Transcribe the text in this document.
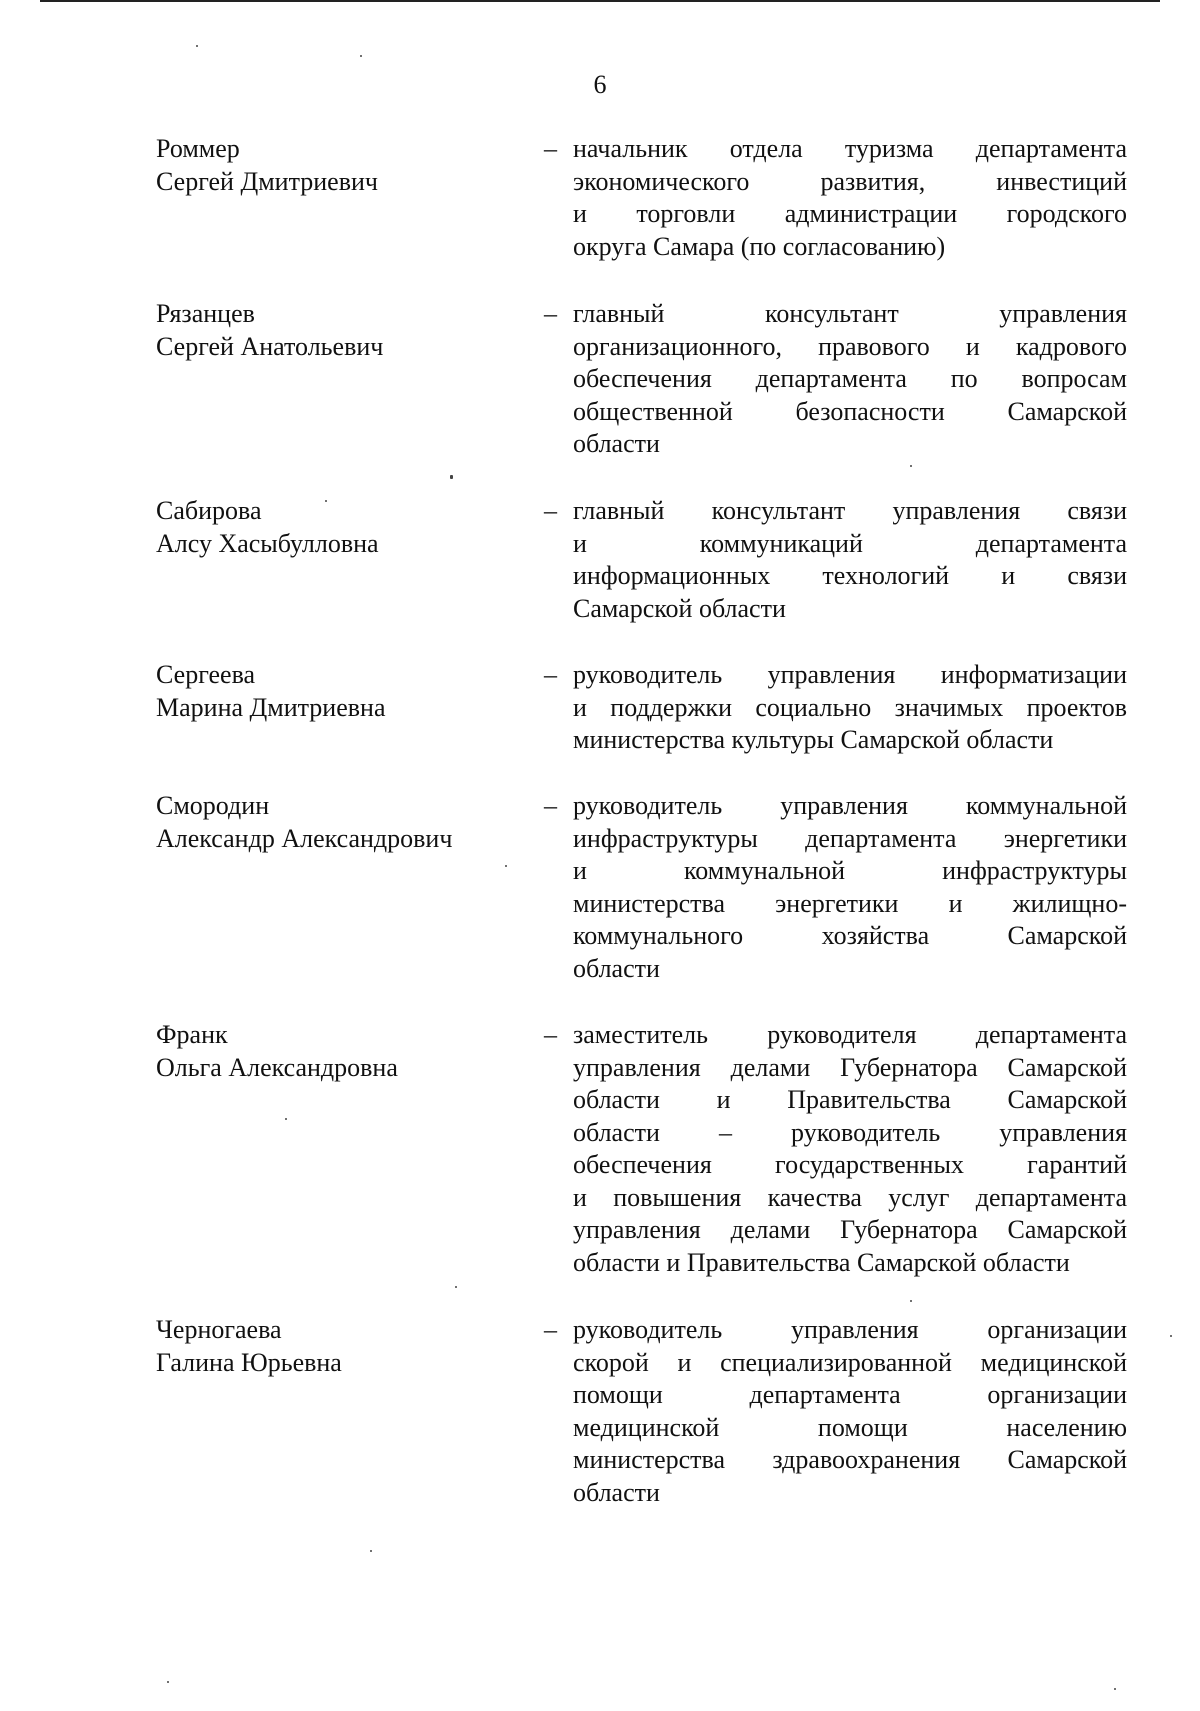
6
Роммер
Сергей Дмитриевич
– начальник отдела туризма департамента
экономического развития, инвестиций
и торговли администрации городского
округа Самара (по согласованию)
Рязанцев
Сергей Анатольевич
– главный консультант управления
организационного, правового и кадрового
обеспечения департамента по вопросам
общественной безопасности Самарской
области
Сабирова
Алсу Хасыбулловна
– главный консультант управления связи
и коммуникаций департамента
информационных технологий и связи
Самарской области
Сергеева
Марина Дмитриевна
– руководитель управления информатизации
и поддержки социально значимых проектов
министерства культуры Самарской области
Смородин
Александр Александрович
– руководитель управления коммунальной
инфраструктуры департамента энергетики
и коммунальной инфраструктуры
министерства энергетики и жилищно-
коммунального хозяйства Самарской
области
Франк
Ольга Александровна
– заместитель руководителя департамента
управления делами Губернатора Самарской
области и Правительства Самарской
области – руководитель управления
обеспечения государственных гарантий
и повышения качества услуг департамента
управления делами Губернатора Самарской
области и Правительства Самарской области
Черногаева
Галина Юрьевна
– руководитель управления организации
скорой и специализированной медицинской
помощи департамента организации
медицинской помощи населению
министерства здравоохранения Самарской
области
